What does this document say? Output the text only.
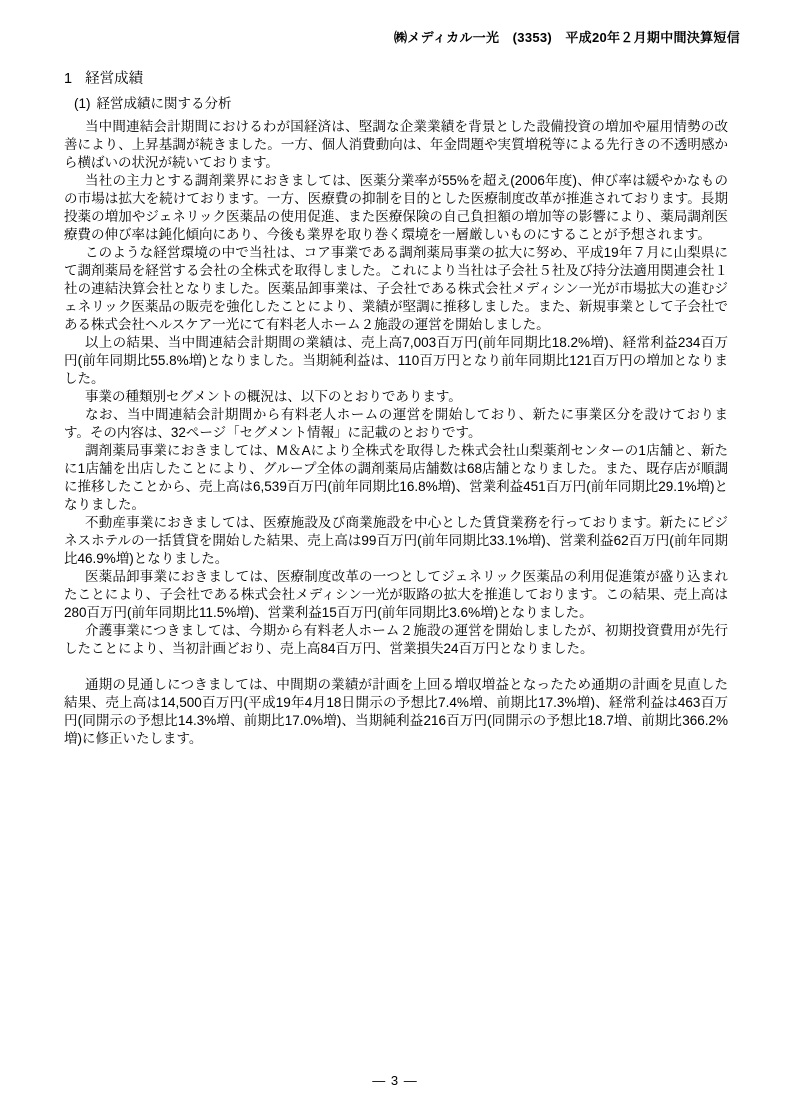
㈱メディカル一光　(3353)　平成20年２月期中間決算短信
1 経営成績
(1) 経営成績に関する分析

当中間連結会計期間におけるわが国経済は、堅調な企業業績を背景とした設備投資の増加や雇用情勢の改善により、上昇基調が続きました。一方、個人消費動向は、年金問題や実質増税等による先行きの不透明感から横ばいの状況が続いております。

当社の主力とする調剤業界におきましては、医薬分業率が55%を超え(2006年度)、伸び率は緩やかなものの市場は拡大を続けております。一方、医療費の抑制を目的とした医療制度改革が推進されております。長期投薬の増加やジェネリック医薬品の使用促進、また医療保険の自己負担額の増加等の影響により、薬局調剤医療費の伸び率は鈍化傾向にあり、今後も業界を取り巻く環境を一層厳しいものにすることが予想されます。

このような経営環境の中で当社は、コア事業である調剤薬局事業の拡大に努め、平成19年７月に山梨県にて調剤薬局を経営する会社の全株式を取得しました。これにより当社は子会社５社及び持分法適用関連会社１社の連結決算会社となりました。医薬品卸事業は、子会社である株式会社メディシン一光が市場拡大の進むジェネリック医薬品の販売を強化したことにより、業績が堅調に推移しました。また、新規事業として子会社である株式会社ヘルスケア一光にて有料老人ホーム２施設の運営を開始しました。

以上の結果、当中間連結会計期間の業績は、売上高7,003百万円(前年同期比18.2%増)、経常利益234百万円(前年同期比55.8%増)となりました。当期純利益は、110百万円となり前年同期比121百万円の増加となりました。

事業の種類別セグメントの概況は、以下のとおりであります。

なお、当中間連結会計期間から有料老人ホームの運営を開始しており、新たに事業区分を設けております。その内容は、32ページ「セグメント情報」に記載のとおりです。

調剤薬局事業におきましては、M＆Aにより全株式を取得した株式会社山梨薬剤センターの1店舗と、新たに1店舗を出店したことにより、グループ全体の調剤薬局店舗数は68店舗となりました。また、既存店が順調に推移したことから、売上高は6,539百万円(前年同期比16.8%増)、営業利益451百万円(前年同期比29.1%増)となりました。

不動産事業におきましては、医療施設及び商業施設を中心とした賃貸業務を行っております。新たにビジネスホテルの一括賃貸を開始した結果、売上高は99百万円(前年同期比33.1%増)、営業利益62百万円(前年同期比46.9%増)となりました。

医薬品卸事業におきましては、医療制度改革の一つとしてジェネリック医薬品の利用促進策が盛り込まれたことにより、子会社である株式会社メディシン一光が販路の拡大を推進しております。この結果、売上高は280百万円(前年同期比11.5%増)、営業利益15百万円(前年同期比3.6%増)となりました。

介護事業につきましては、今期から有料老人ホーム２施設の運営を開始しましたが、初期投資費用が先行したことにより、当初計画どおり、売上高84百万円、営業損失24百万円となりました。

通期の見通しにつきましては、中間期の業績が計画を上回る増収増益となったため通期の計画を見直した結果、売上高は14,500百万円(平成19年4月18日開示の予想比7.4%増、前期比17.3%増)、経常利益は463百万円(同開示の予想比14.3%増、前期比17.0%増)、当期純利益216百万円(同開示の予想比18.7増、前期比366.2%増)に修正いたします。

― 3 ―
